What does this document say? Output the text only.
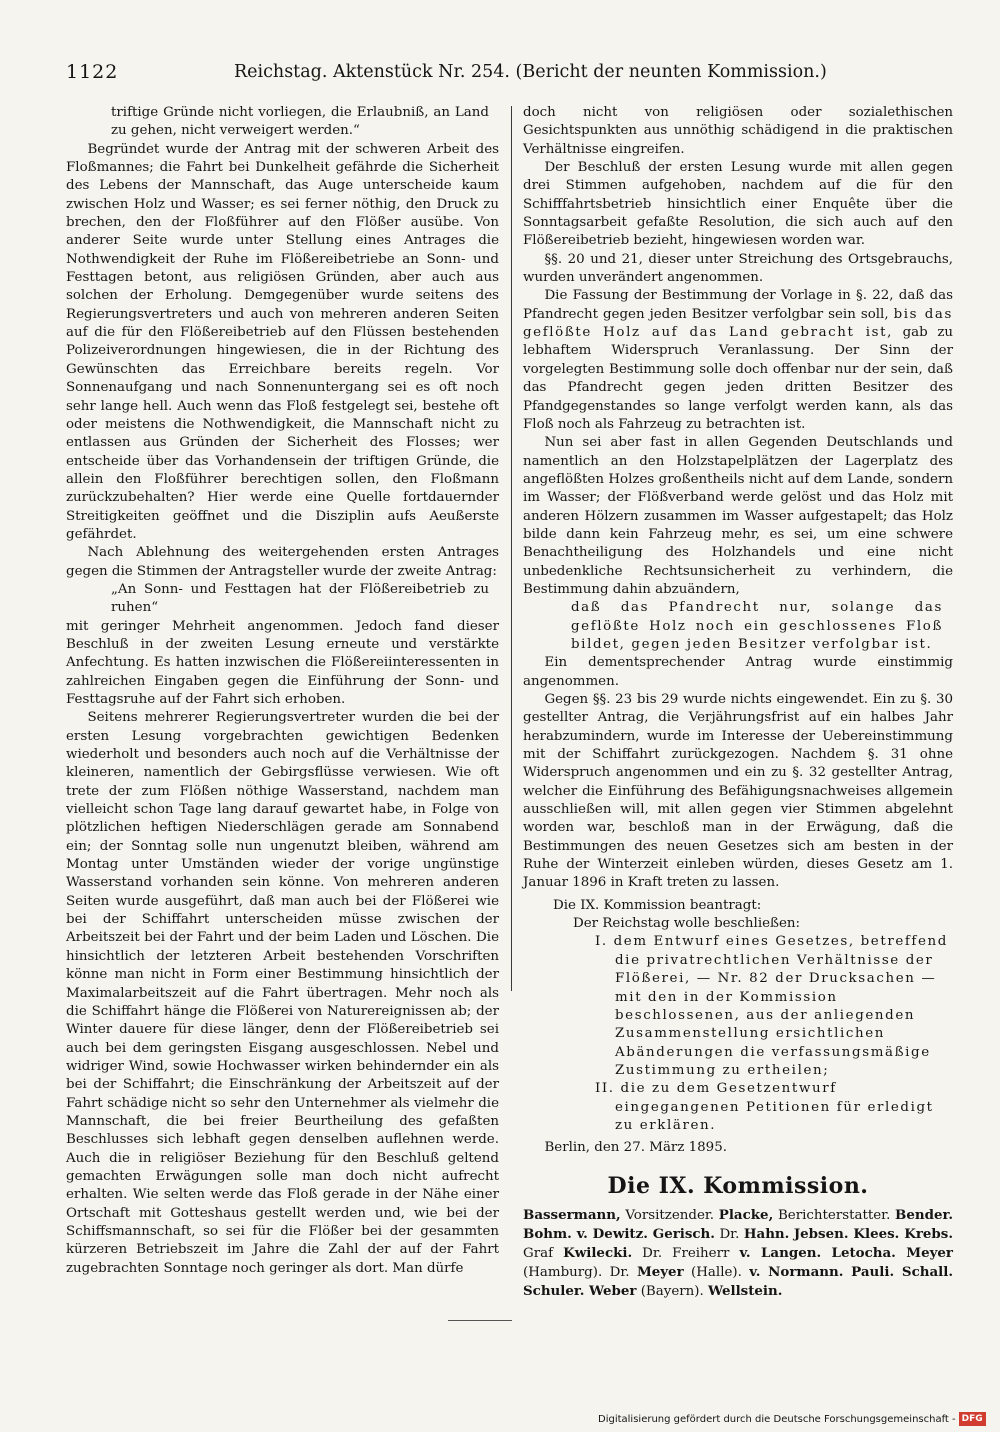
1122	Reichstag. Aktenstück Nr. 254. (Bericht der neunten Kommission.)

triftige Gründe nicht vorliegen, die Erlaubniß, an Land zu gehen, nicht verweigert werden.“

Begründet wurde der Antrag mit der schweren Arbeit des Floßmannes; die Fahrt bei Dunkelheit gefährde die Sicherheit des Lebens der Mannschaft, das Auge unterscheide kaum zwischen Holz und Wasser; es sei ferner nöthig, den Druck zu brechen, den der Floßführer auf den Flößer ausübe. Von anderer Seite wurde unter Stellung eines Antrages die Nothwendigkeit der Ruhe im Flößereibetriebe an Sonn- und Festtagen betont, aus religiösen Gründen, aber auch aus solchen der Erholung. Demgegenüber wurde seitens des Regierungsvertreters und auch von mehreren anderen Seiten auf die für den Flößereibetrieb auf den Flüssen bestehenden Polizeiverordnungen hingewiesen, die in der Richtung des Gewünschten das Erreichbare bereits regeln. Vor Sonnenaufgang und nach Sonnenuntergang sei es oft noch sehr lange hell. Auch wenn das Floß festgelegt sei, bestehe oft oder meistens die Nothwendigkeit, die Mannschaft nicht zu entlassen aus Gründen der Sicherheit des Flosses; wer entscheide über das Vorhandensein der triftigen Gründe, die allein den Floßführer berechtigen sollen, den Floßmann zurückzubehalten? Hier werde eine Quelle fortdauernder Streitigkeiten geöffnet und die Disziplin aufs Aeußerste gefährdet.

Nach Ablehnung des weitergehenden ersten Antrages gegen die Stimmen der Antragsteller wurde der zweite Antrag:

„An Sonn- und Festtagen hat der Flößereibetrieb zu ruhen“

mit geringer Mehrheit angenommen. Jedoch fand dieser Beschluß in der zweiten Lesung erneute und verstärkte Anfechtung. Es hatten inzwischen die Flößereiinteressenten in zahlreichen Eingaben gegen die Einführung der Sonn- und Festtagsruhe auf der Fahrt sich erhoben.

Seitens mehrerer Regierungsvertreter wurden die bei der ersten Lesung vorgebrachten gewichtigen Bedenken wiederholt und besonders auch noch auf die Verhältnisse der kleineren, namentlich der Gebirgsflüsse verwiesen. Wie oft trete der zum Flößen nöthige Wasserstand, nachdem man vielleicht schon Tage lang darauf gewartet habe, in Folge von plötzlichen heftigen Niederschlägen gerade am Sonnabend ein; der Sonntag solle nun ungenutzt bleiben, während am Montag unter Umständen wieder der vorige ungünstige Wasserstand vorhanden sein könne. Von mehreren anderen Seiten wurde ausgeführt, daß man auch bei der Flößerei wie bei der Schiffahrt unterscheiden müsse zwischen der Arbeitszeit bei der Fahrt und der beim Laden und Löschen. Die hinsichtlich der letzteren Arbeit bestehenden Vorschriften könne man nicht in Form einer Bestimmung hinsichtlich der Maximalarbeitszeit auf die Fahrt übertragen. Mehr noch als die Schiffahrt hänge die Flößerei von Naturereignissen ab; der Winter dauere für diese länger, denn der Flößereibetrieb sei auch bei dem geringsten Eisgang ausgeschlossen. Nebel und widriger Wind, sowie Hochwasser wirken behindernder ein als bei der Schiffahrt; die Einschränkung der Arbeitszeit auf der Fahrt schädige nicht so sehr den Unternehmer als vielmehr die Mannschaft, die bei freier Beurtheilung des gefaßten Beschlusses sich lebhaft gegen denselben auflehnen werde. Auch die in religiöser Beziehung für den Beschluß geltend gemachten Erwägungen solle man doch nicht aufrecht erhalten. Wie selten werde das Floß gerade in der Nähe einer Ortschaft mit Gotteshaus gestellt werden und, wie bei der Schiffsmannschaft, so sei für die Flößer bei der gesammten kürzeren Betriebszeit im Jahre die Zahl der auf der Fahrt zugebrachten Sonntage noch geringer als dort. Man dürfe

doch nicht von religiösen oder sozialethischen Gesichtspunkten aus unnöthig schädigend in die praktischen Verhältnisse eingreifen.

Der Beschluß der ersten Lesung wurde mit allen gegen drei Stimmen aufgehoben, nachdem auf die für den Schifffahrtsbetrieb hinsichtlich einer Enquête über die Sonntagsarbeit gefaßte Resolution, die sich auch auf den Flößereibetrieb bezieht, hingewiesen worden war.

§§. 20 und 21, dieser unter Streichung des Ortsgebrauchs, wurden unverändert angenommen.

Die Fassung der Bestimmung der Vorlage in §. 22, daß das Pfandrecht gegen jeden Besitzer verfolgbar sein soll, bis das geflößte Holz auf das Land gebracht ist, gab zu lebhaftem Widerspruch Veranlassung. Der Sinn der vorgelegten Bestimmung solle doch offenbar nur der sein, daß das Pfandrecht gegen jeden dritten Besitzer des Pfandgegenstandes so lange verfolgt werden kann, als das Floß noch als Fahrzeug zu betrachten ist.

Nun sei aber fast in allen Gegenden Deutschlands und namentlich an den Holzstapelplätzen der Lagerplatz des angeflößten Holzes großentheils nicht auf dem Lande, sondern im Wasser; der Flößverband werde gelöst und das Holz mit anderen Hölzern zusammen im Wasser aufgestapelt; das Holz bilde dann kein Fahrzeug mehr, es sei, um eine schwere Benachtheiligung des Holzhandels und eine nicht unbedenkliche Rechtsunsicherheit zu verhindern, die Bestimmung dahin abzuändern,

daß das Pfandrecht nur, solange das geflößte Holz noch ein geschlossenes Floß bildet, gegen jeden Besitzer verfolgbar ist.

Ein dementsprechender Antrag wurde einstimmig angenommen.

Gegen §§. 23 bis 29 wurde nichts eingewendet. Ein zu §. 30 gestellter Antrag, die Verjährungsfrist auf ein halbes Jahr herabzumindern, wurde im Interesse der Uebereinstimmung mit der Schiffahrt zurückgezogen. Nachdem §. 31 ohne Widerspruch angenommen und ein zu §. 32 gestellter Antrag, welcher die Einführung des Befähigungsnachweises allgemein ausschließen will, mit allen gegen vier Stimmen abgelehnt worden war, beschloß man in der Erwägung, daß die Bestimmungen des neuen Gesetzes sich am besten in der Ruhe der Winterzeit einleben würden, dieses Gesetz am 1. Januar 1896 in Kraft treten zu lassen.

Die IX. Kommission beantragt:

Der Reichstag wolle beschließen:

I. dem Entwurf eines Gesetzes, betreffend die privatrechtlichen Verhältnisse der Flößerei, — Nr. 82 der Drucksachen — mit den in der Kommission beschlossenen, aus der anliegenden Zusammenstellung ersichtlichen Abänderungen die verfassungsmäßige Zustimmung zu ertheilen;

II. die zu dem Gesetzentwurf eingegangenen Petitionen für erledigt zu erklären.

Berlin, den 27. März 1895.

Die IX. Kommission.

Bassermann, Vorsitzender. Placke, Berichterstatter. Bender. Bohm. v. Dewitz. Gerisch. Dr. Hahn. Jebsen. Klees. Krebs. Graf Kwilecki. Dr. Freiherr v. Langen. Letocha. Meyer (Hamburg). Dr. Meyer (Halle). v. Normann. Pauli. Schall. Schuler. Weber (Bayern). Wellstein.

Digitalisierung gefördert durch die Deutsche Forschungsgemeinschaft - DFG
